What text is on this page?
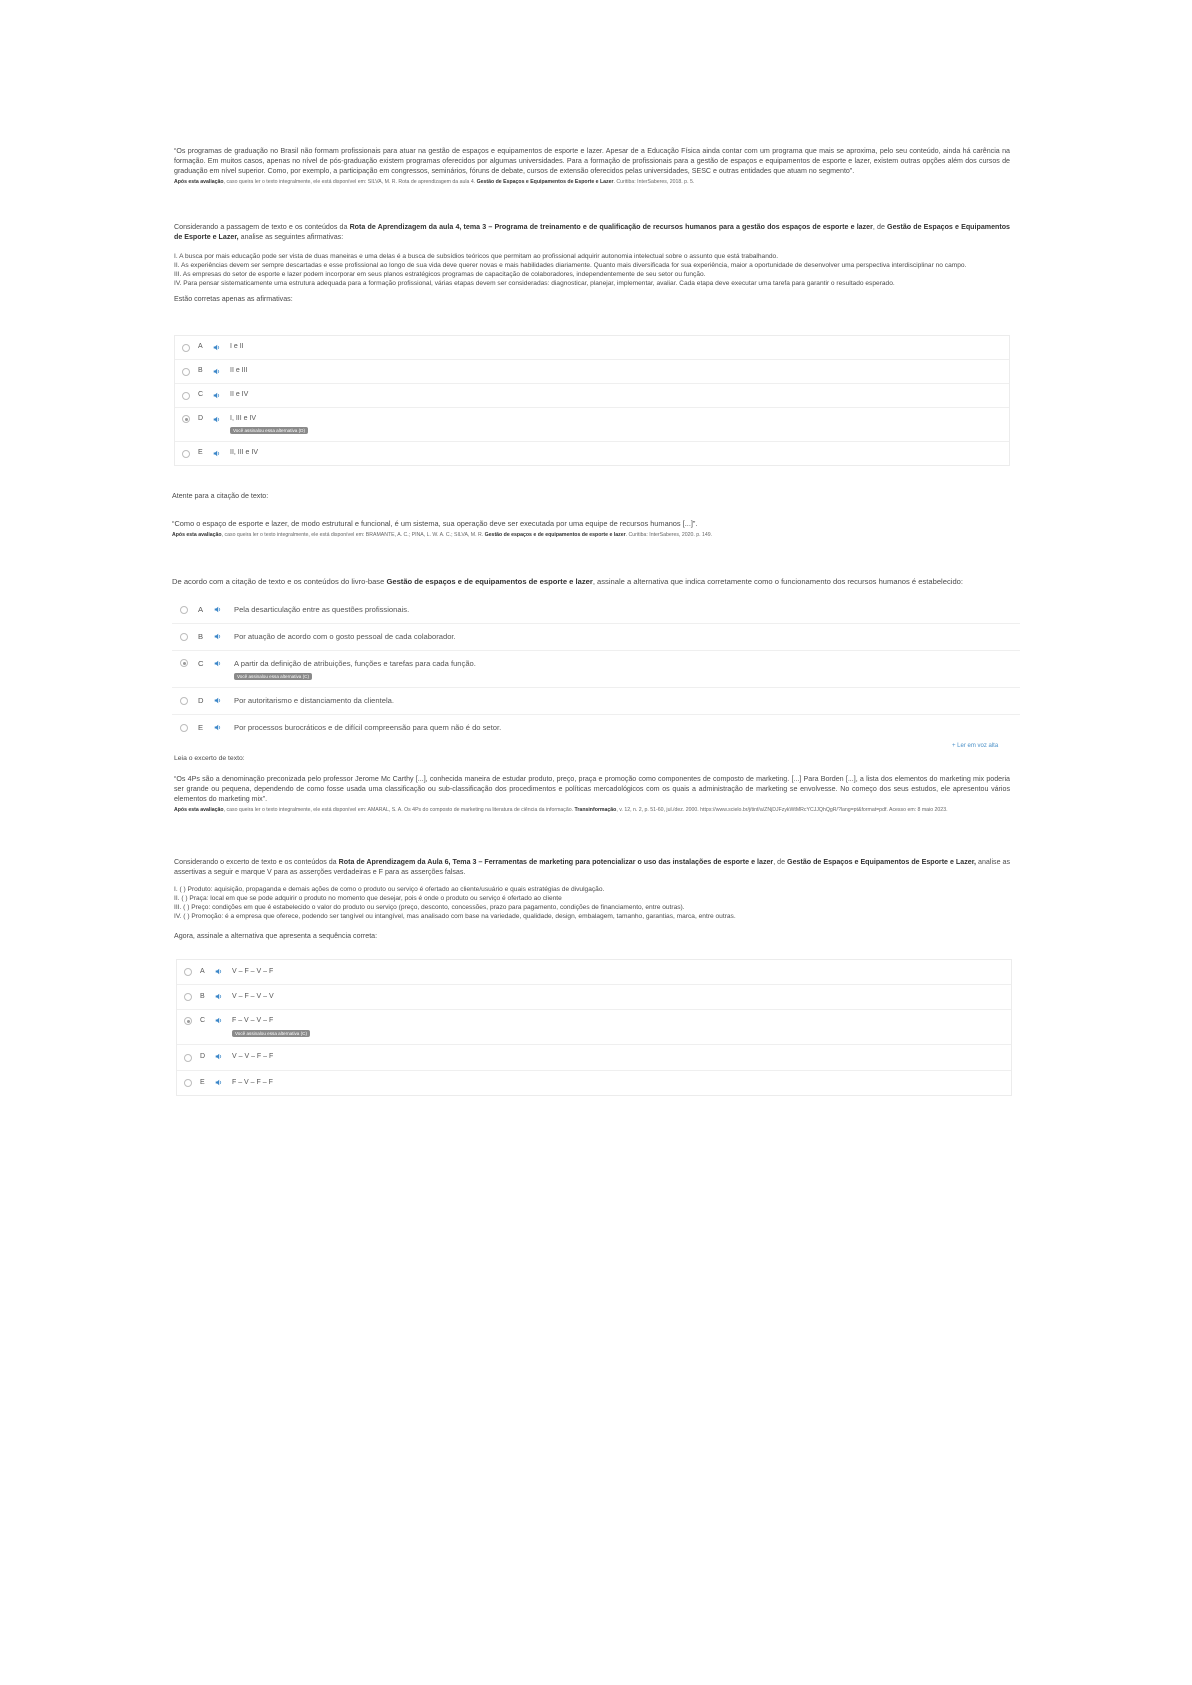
“Os programas de graduação no Brasil não formam profissionais para atuar na gestão de espaços e equipamentos de esporte e lazer. Apesar de a Educação Física ainda contar com um programa que mais se aproxima, pelo seu conteúdo, ainda há carência na formação. Em muitos casos, apenas no nível de pós-graduação existem programas oferecidos por algumas universidades. Para a formação de profissionais para a gestão de espaços e equipamentos de esporte e lazer, existem outras opções além dos cursos de graduação em nível superior. Como, por exemplo, a participação em congressos, seminários, fóruns de debate, cursos de extensão oferecidos pelas universidades, SESC e outras entidades que atuam no segmento”.

Após esta avaliação, caso queira ler o texto integralmente, ele está disponível em: SILVA, M. R. Rota de aprendizagem da aula 4. Gestão de Espaços e Equipamentos de Esporte e Lazer. Curitiba: InterSaberes, 2018. p. 5.

Considerando a passagem de texto e os conteúdos da Rota de Aprendizagem da aula 4, tema 3 – Programa de treinamento e de qualificação de recursos humanos para a gestão dos espaços de esporte e lazer, de Gestão de Espaços e Equipamentos de Esporte e Lazer, analise as seguintes afirmativas:

I. A busca por mais educação pode ser vista de duas maneiras e uma delas é a busca de subsídios teóricos que permitam ao profissional adquirir autonomia intelectual sobre o assunto que está trabalhando.

II. As experiências devem ser sempre descartadas e esse profissional ao longo de sua vida deve querer novas e mais habilidades diariamente. Quanto mais diversificada for sua experiência, maior a oportunidade de desenvolver uma perspectiva interdisciplinar no campo.

III. As empresas do setor de esporte e lazer podem incorporar em seus planos estratégicos programas de capacitação de colaboradores, independentemente de seu setor ou função.

IV. Para pensar sistematicamente uma estrutura adequada para a formação profissional, várias etapas devem ser consideradas: diagnosticar, planejar, implementar, avaliar. Cada etapa deve executar uma tarefa para garantir o resultado esperado.

Estão corretas apenas as afirmativas:

A	I e II
B	II e III
C	II e IV
D	I, III e IV
Você assinalou essa alternativa (D)
E	II, III e IV

Atente para a citação de texto:

“Como o espaço de esporte e lazer, de modo estrutural e funcional, é um sistema, sua operação deve ser executada por uma equipe de recursos humanos [...]”.

Após esta avaliação, caso queira ler o texto integralmente, ele está disponível em: BRAMANTE, A. C.; PINA, L. W. A. C.; SILVA, M. R. Gestão de espaços e de equipamentos de esporte e lazer. Curitiba: InterSaberes, 2020. p. 149.

De acordo com a citação de texto e os conteúdos do livro-base Gestão de espaços e de equipamentos de esporte e lazer, assinale a alternativa que indica corretamente como o funcionamento dos recursos humanos é estabelecido:

A	Pela desarticulação entre as questões profissionais.
B	Por atuação de acordo com o gosto pessoal de cada colaborador.
C	A partir da definição de atribuições, funções e tarefas para cada função.
Você assinalou essa alternativa (C)
D	Por autoritarismo e distanciamento da clientela.
E	Por processos burocráticos e de difícil compreensão para quem não é do setor.
+ Ler em voz alta

Leia o excerto de texto:

“Os 4Ps são a denominação preconizada pelo professor Jerome Mc Carthy [...], conhecida maneira de estudar produto, preço, praça e promoção como componentes de composto de marketing. [...] Para Borden [...], a lista dos elementos do marketing mix poderia ser grande ou pequena, dependendo de como fosse usada uma classificação ou sub-classificação dos procedimentos e políticas mercadológicos com os quais a administração de marketing se envolvesse. No começo dos seus estudos, ele apresentou vários elementos do marketing mix”.

Após esta avaliação, caso queira ler o texto integralmente, ele está disponível em: AMARAL, S. A. Os 4Ps do composto de marketing na literatura de ciência da informação. Transinformação, v. 12, n. 2, p. 51-60, jul./dez. 2000. https://www.scielo.br/j/tinf/a/ZNjDJFzykWtMRcYCJJQhQgR/?lang=pt&format=pdf. Acesso em: 8 maio 2023.

Considerando o excerto de texto e os conteúdos da Rota de Aprendizagem da Aula 6, Tema 3 – Ferramentas de marketing para potencializar o uso das instalações de esporte e lazer, de Gestão de Espaços e Equipamentos de Esporte e Lazer, analise as assertivas a seguir e marque V para as asserções verdadeiras e F para as asserções falsas.

I. ( ) Produto: aquisição, propaganda e demais ações de como o produto ou serviço é ofertado ao cliente/usuário e quais estratégias de divulgação.

II. ( ) Praça: local em que se pode adquirir o produto no momento que desejar, pois é onde o produto ou serviço é ofertado ao cliente

III. ( ) Preço: condições em que é estabelecido o valor do produto ou serviço (preço, desconto, concessões, prazo para pagamento, condições de financiamento, entre outras).

IV. ( ) Promoção: é a empresa que oferece, podendo ser tangível ou intangível, mas analisado com base na variedade, qualidade, design, embalagem, tamanho, garantias, marca, entre outras.

Agora, assinale a alternativa que apresenta a sequência correta:

A	V – F – V – F
B	V – F – V – V
C	F – V – V – F
Você assinalou essa alternativa (C)
D	V – V – F – F
E	F – V – F – F
